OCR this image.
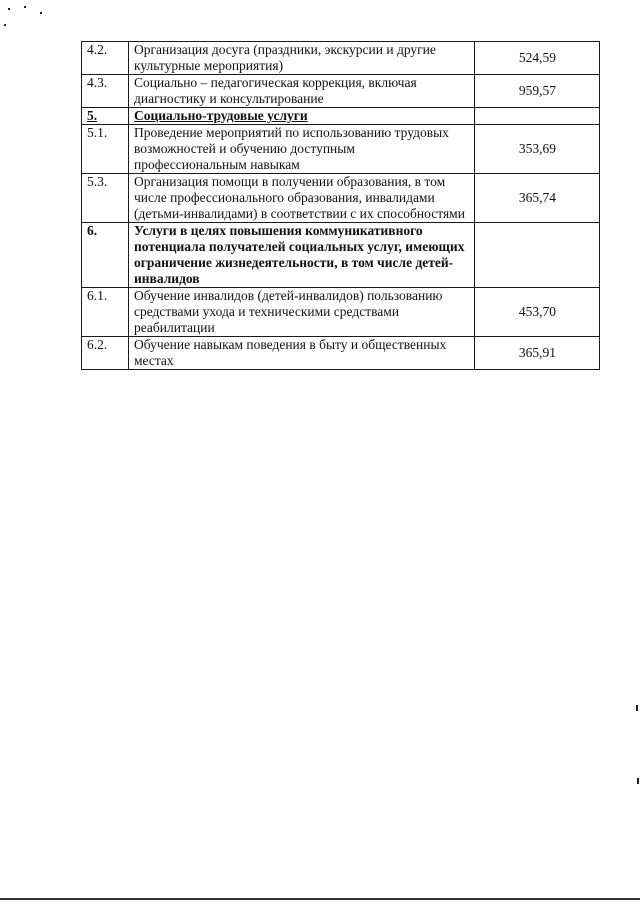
4.2.	Организация досуга (праздники, экскурсии и другие культурные мероприятия)	524,59
4.3.	Социально – педагогическая коррекция, включая диагностику и консультирование	959,57
5.	Социально-трудовые услуги	
5.1.	Проведение мероприятий по использованию трудовых возможностей и обучению доступным профессиональным навыкам	353,69
5.3.	Организация помощи в получении образования, в том числе профессионального образования, инвалидами (детьми-инвалидами) в соответствии с их способностями	365,74
6.	Услуги в целях повышения коммуникативного потенциала получателей социальных услуг, имеющих ограничение жизнедеятельности, в том числе детей-инвалидов	
6.1.	Обучение инвалидов (детей-инвалидов) пользованию средствами ухода и техническими средствами реабилитации	453,70
6.2.	Обучение навыкам поведения в быту и общественных местах	365,91
